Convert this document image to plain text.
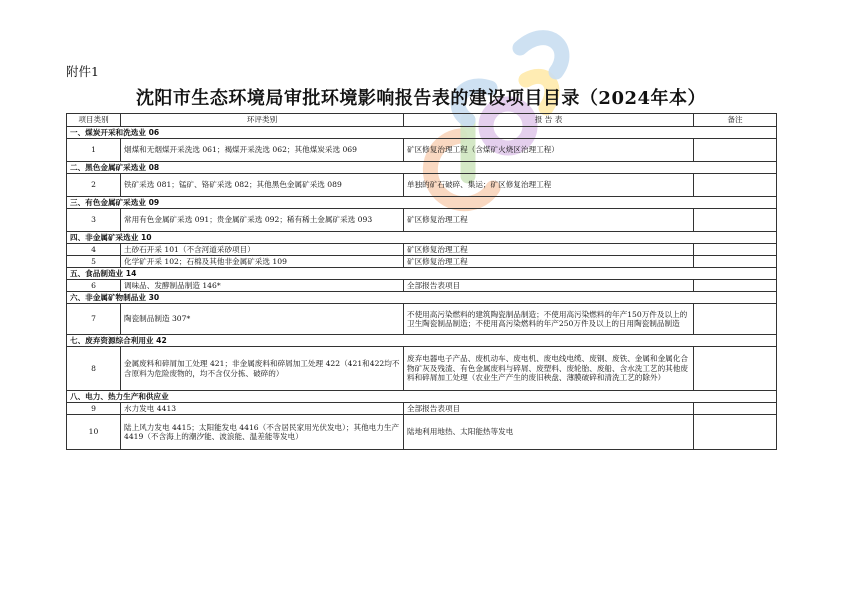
附件1
沈阳市生态环境局审批环境影响报告表的建设项目目录（2024年本）
项目类别	环评类别	报 告 表	备注
一、煤炭开采和洗选业 06			
1	烟煤和无烟煤开采洗选 061；褐煤开采洗选 062；其他煤炭采选 069	矿区修复治理工程（含煤矿火烧区治理工程）	
二、黑色金属矿采选业 08			
2	铁矿采选 081；锰矿、铬矿采选 082；其他黑色金属矿采选 089	单独的矿石破碎、集运；矿区修复治理工程	
三、有色金属矿采选业 09			
3	常用有色金属矿采选 091；贵金属矿采选 092；稀有稀土金属矿采选 093	矿区修复治理工程	
四、非金属矿采选业 10			
4	土砂石开采 101（不含河道采砂项目）	矿区修复治理工程	
5	化学矿开采 102；石棉及其他非金属矿采选 109	矿区修复治理工程	
五、食品制造业 14			
6	调味品、发酵制品制造 146*	全部报告表项目	
六、非金属矿物制品业 30			
7	陶瓷制品制造 307*	不使用高污染燃料的建筑陶瓷制品制造；不使用高污染燃料的年产150万件及以上的卫生陶瓷制品制造；不使用高污染燃料的年产250万件及以上的日用陶瓷制品制造	
七、废弃资源综合利用业 42			
8	金属废料和碎屑加工处理 421；非金属废料和碎屑加工处理 422（421和422均不含原料为危险废物的，均不含仅分拣、破碎的）	废弃电器电子产品、废机动车、废电机、废电线电缆、废钢、废铁、金属和金属化合物矿灰及残渣、有色金属废料与碎屑、废塑料、废轮胎、废船、含水洗工艺的其他废料和碎屑加工处理（农业生产产生的废旧秧盘、薄膜破碎和清洗工艺的除外）	
八、电力、热力生产和供应业			
9	水力发电 4413	全部报告表项目	
10	陆上风力发电 4415；太阳能发电 4416（不含居民家用光伏发电）；其他电力生产 4419（不含海上的潮汐能、波浪能、温差能等发电）	陆地利用地热、太阳能热等发电	
